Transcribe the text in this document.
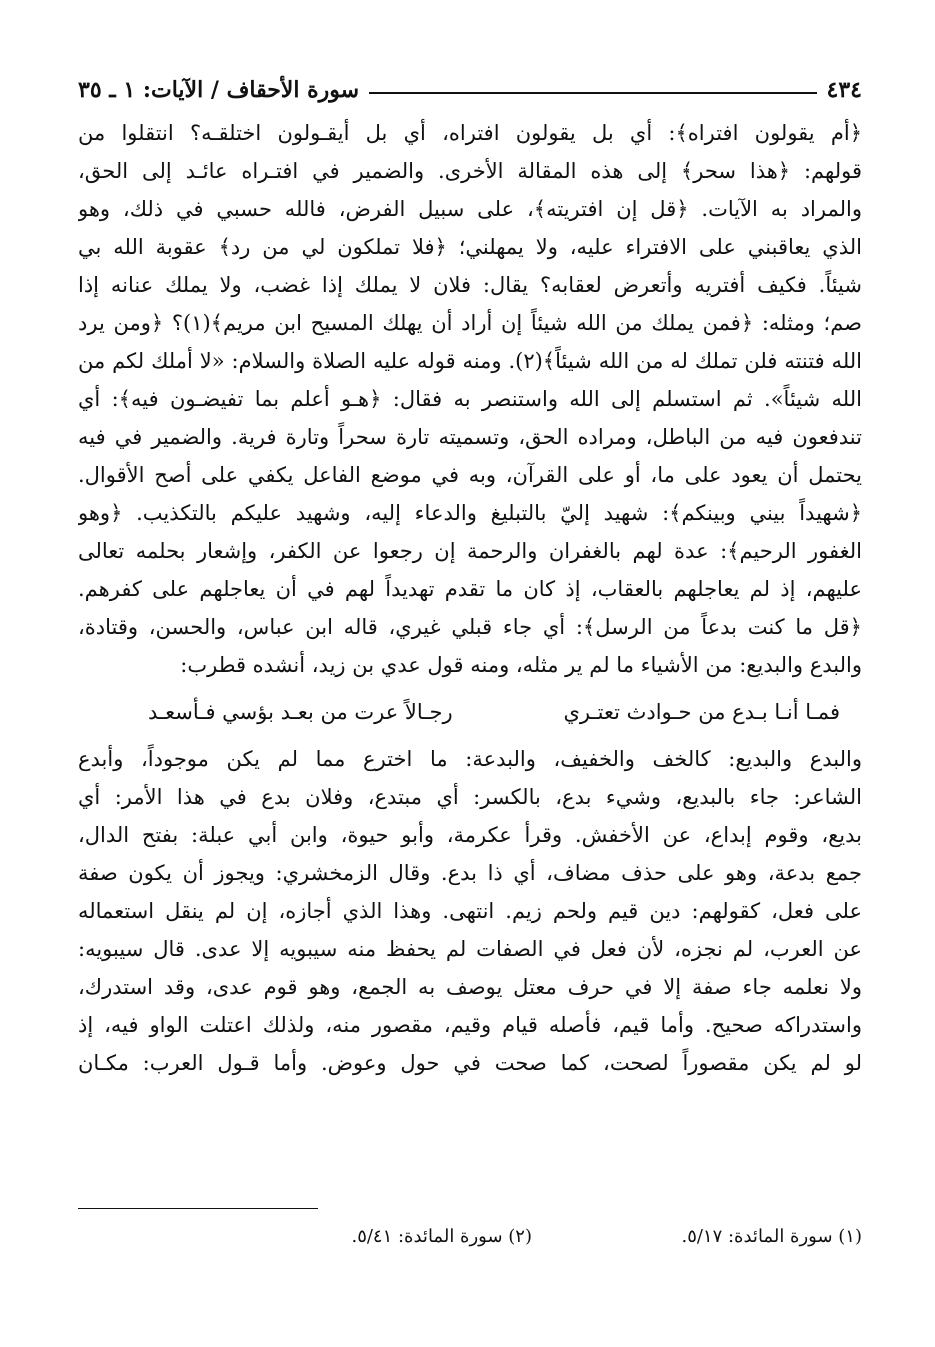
٤٣٤
سورة الأحقاف / الآيات: ١ ـ ٣٥
﴿أم يقولون افتراه﴾: أي بل يقولون افتراه، أي بل أيقـولون اختلقـه؟ انتقلوا من
قولهم: ﴿هذا سحر﴾ إلى هذه المقالة الأخرى. والضمير في افتـراه عائـد إلى الحق،
والمراد به الآيات. ﴿قل إن افتريته﴾، على سبيل الفرض، فالله حسبي في ذلك، وهو
الذي يعاقبني على الافتراء عليه، ولا يمهلني؛ ﴿فلا تملكون لي من رد﴾ عقوبة الله بي
شيئاً. فكيف أفتريه وأتعرض لعقابه؟ يقال: فلان لا يملك إذا غضب، ولا يملك عنانه إذا
صم؛ ومثله: ﴿فمن يملك من الله شيئاً إن أراد أن يهلك المسيح ابن مريم﴾(١)؟ ﴿ومن يرد
الله فتنته فلن تملك له من الله شيئاً﴾(٢). ومنه قوله عليه الصلاة والسلام: «لا أملك لكم من
الله شيئاً». ثم استسلم إلى الله واستنصر به فقال: ﴿هـو أعلم بما تفيضـون فيه﴾: أي
تندفعون فيه من الباطل، ومراده الحق، وتسميته تارة سحراً وتارة فرية. والضمير في فيه
يحتمل أن يعود على ما، أو على القرآن، وبه في موضع الفاعل يكفي على أصح الأقوال.
﴿شهيداً بيني وبينكم﴾: شهيد إليّ بالتبليغ والدعاء إليه، وشهيد عليكم بالتكذيب. ﴿وهو
الغفور الرحيم﴾: عدة لهم بالغفران والرحمة إن رجعوا عن الكفر، وإشعار بحلمه تعالى
عليهم، إذ لم يعاجلهم بالعقاب، إذ كان ما تقدم تهديداً لهم في أن يعاجلهم على كفرهم.
﴿قل ما كنت بدعاً من الرسل﴾: أي جاء قبلي غيري، قاله ابن عباس، والحسن، وقتادة،
والبدع والبديع: من الأشياء ما لم ير مثله، ومنه قول عدي بن زيد، أنشده قطرب:
فمـا أنـا بـدع من حـوادث تعتـري
رجـالاً عرت من بعـد بؤسي فـأسعـد
والبدع والبديع: كالخف والخفيف، والبدعة: ما اخترع مما لم يكن موجوداً، وأبدع
الشاعر: جاء بالبديع، وشيء بدع، بالكسر: أي مبتدع، وفلان بدع في هذا الأمر: أي
بديع، وقوم إبداع، عن الأخفش. وقرأ عكرمة، وأبو حيوة، وابن أبي عبلة: بفتح الدال،
جمع بدعة، وهو على حذف مضاف، أي ذا بدع. وقال الزمخشري: ويجوز أن يكون صفة
على فعل، كقولهم: دين قيم ولحم زيم. انتهى. وهذا الذي أجازه، إن لم ينقل استعماله
عن العرب، لم نجزه، لأن فعل في الصفات لم يحفظ منه سيبويه إلا عدى. قال سيبويه:
ولا نعلمه جاء صفة إلا في حرف معتل يوصف به الجمع، وهو قوم عدى، وقد استدرك،
واستدراكه صحيح. وأما قيم، فأصله قيام وقيم، مقصور منه، ولذلك اعتلت الواو فيه، إذ
لو لم يكن مقصوراً لصحت، كما صحت في حول وعوض. وأما قـول العرب: مكـان
(١) سورة المائدة: ٥/١٧.
(٢) سورة المائدة: ٥/٤١.
